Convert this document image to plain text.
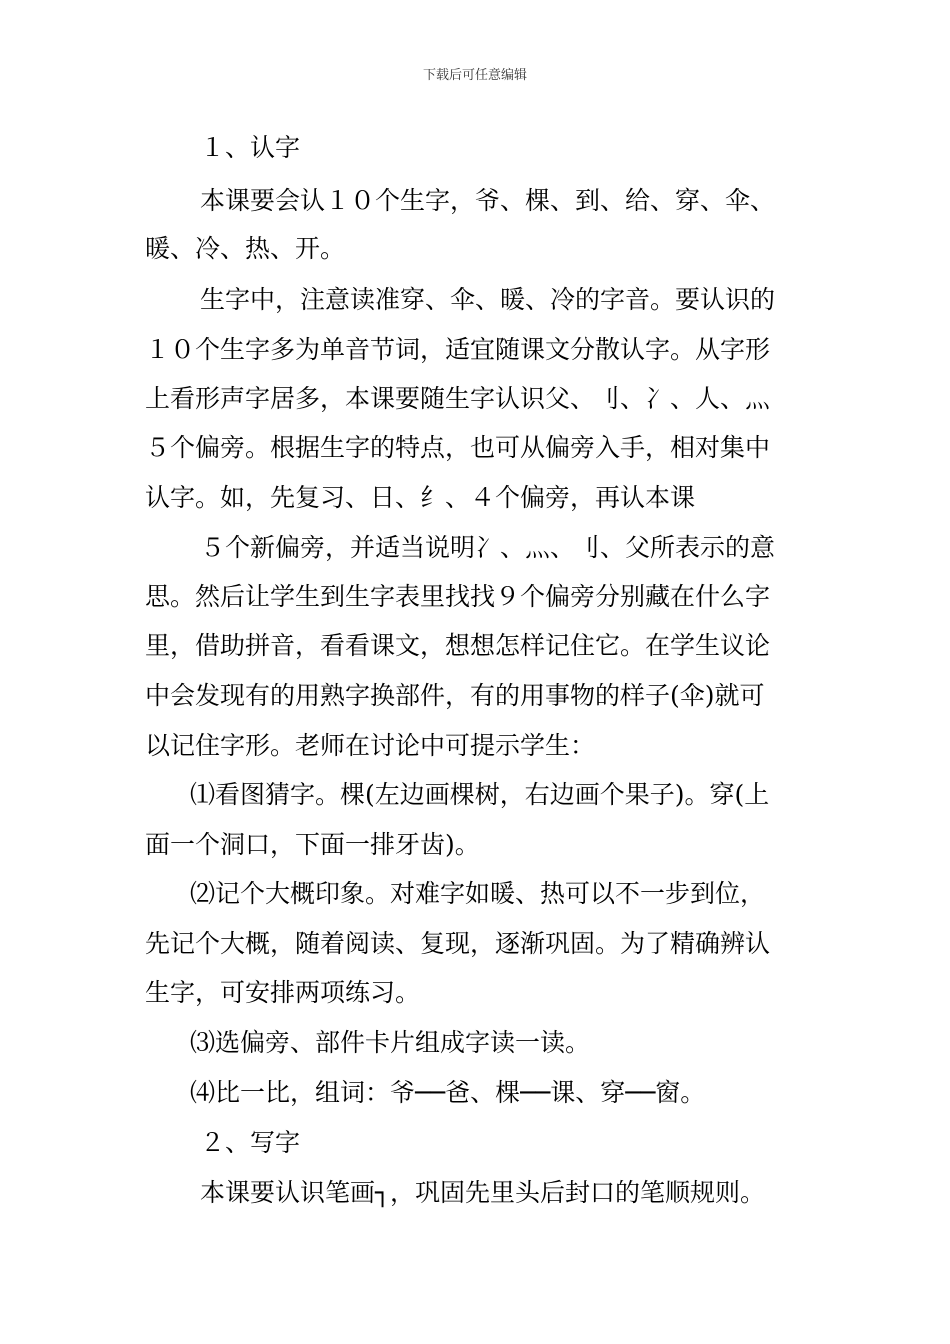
下载后可任意编辑
１、认字
本课要会认１０个生字，爷、棵、到、给、穿、伞、
暖、冷、热、开。
生字中，注意读准穿、伞、暖、冷的字音。要认识的
１０个生字多为单音节词，适宜随课文分散认字。从字形
上看形声字居多，本课要随生字认识父、刂、冫、人、灬
５个偏旁。根据生字的特点，也可从偏旁入手，相对集中
认字。如，先复习、日、纟、４个偏旁，再认本课
５个新偏旁，并适当说明冫、灬、刂、父所表示的意
思。然后让学生到生字表里找找９个偏旁分别藏在什么字
里，借助拼音，看看课文，想想怎样记住它。在学生议论
中会发现有的用熟字换部件，有的用事物的样子(伞)就可
以记住字形。老师在讨论中可提示学生：
⑴看图猜字。棵(左边画棵树，右边画个果子)。穿(上
面一个洞口，下面一排牙齿)。
⑵记个大概印象。对难字如暖、热可以不一步到位，
先记个大概，随着阅读、复现，逐渐巩固。为了精确辨认
生字，可安排两项练习。
⑶选偏旁、部件卡片组成字读一读。
⑷比一比，组词：爷──爸、棵──课、穿──窗。
２、写字
本课要认识笔画┐，巩固先里头后封口的笔顺规则。
